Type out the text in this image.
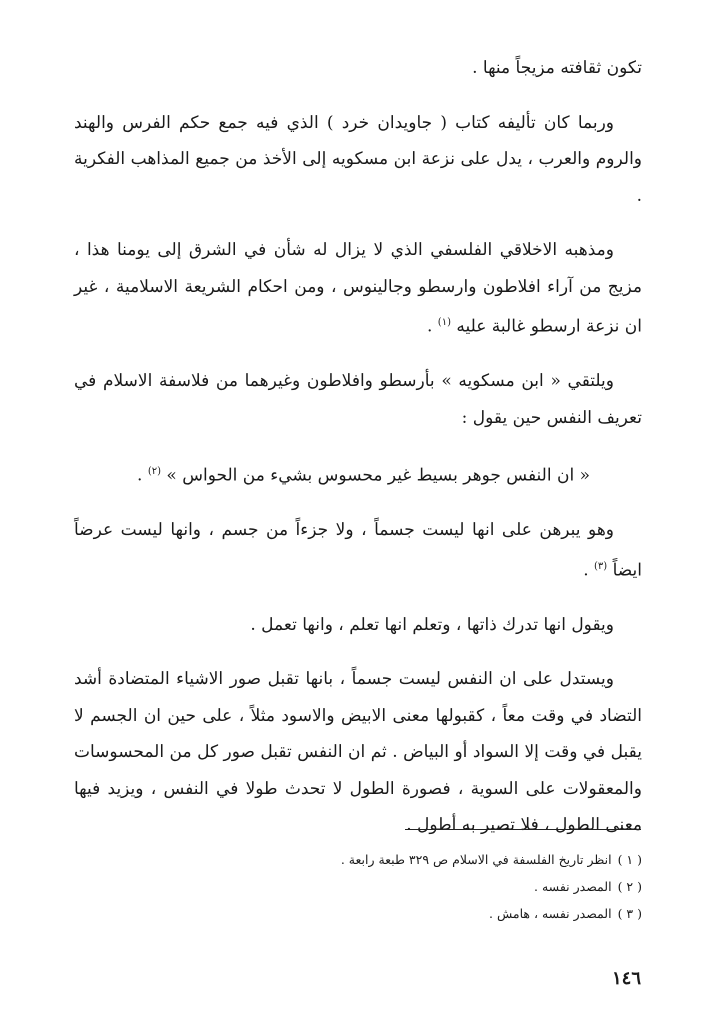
تكون ثقافته مزيجاً منها .

وربما كان تأليفه كتاب ( جاويدان خرد ) الذي فيه جمع حكم الفرس والهند والروم والعرب ، يدل على نزعة ابن مسكويه إلى الأخذ من جميع المذاهب الفكرية .

ومذهبه الاخلاقي الفلسفي الذي لا يزال له شأن في الشرق إلى يومنا هذا ، مزيج من آراء افلاطون وارسطو وجالينوس ، ومن احكام الشريعة الاسلامية ، غير ان نزعة ارسطو غالبة عليه $^{(١)}$ .

ويلتقي « ابن مسكويه » بأرسطو وافلاطون وغيرهما من فلاسفة الاسلام في تعريف النفس حين يقول :

« ان النفس جوهر بسيط غير محسوس بشيء من الحواس » $^{(٢)}$ .

وهو يبرهن على انها ليست جسماً ، ولا جزءاً من جسم ، وانها ليست عرضاً ايضاً $^{(٣)}$ .

ويقول انها تدرك ذاتها ، وتعلم انها تعلم ، وانها تعمل .

ويستدل على ان النفس ليست جسماً ، بانها تقبل صور الاشياء المتضادة أشد التضاد في وقت معاً ، كقبولها معنى الابيض والاسود مثلاً ، على حين ان الجسم لا يقبل في وقت إلا السواد أو البياض . ثم ان النفس تقبل صور كل من المحسوسات والمعقولات على السوية ، فصورة الطول لا تحدث طولا في النفس ، ويزيد فيها معنى الطول ، فلا تصير به أطول .

( ١ )انظر تاريخ الفلسفة في الاسلام ص ٣٢٩ طبعة رابعة .
( ٢ )المصدر نفسه .
( ٣ )المصدر نفسه ، هامش .
١٤٦
